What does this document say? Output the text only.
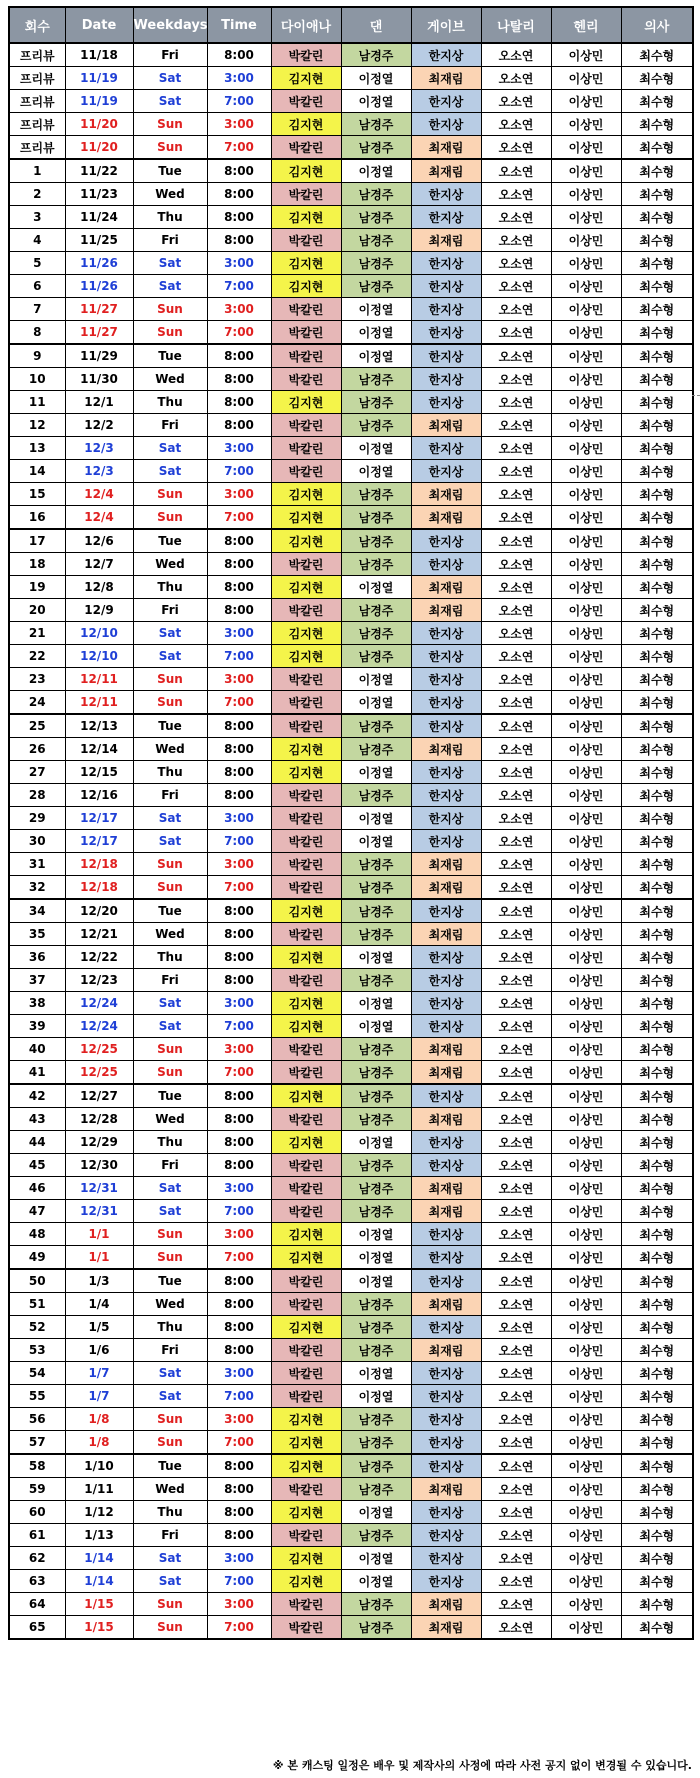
회수	Date	Weekdays	Time	다이애나	댄	게이브	나탈리	헨리	의사
프리뷰	11/18	Fri	8:00	박칼린	남경주	한지상	오소연	이상민	최수형
프리뷰	11/19	Sat	3:00	김지현	이정열	최재림	오소연	이상민	최수형
프리뷰	11/19	Sat	7:00	박칼린	이정열	한지상	오소연	이상민	최수형
프리뷰	11/20	Sun	3:00	김지현	남경주	한지상	오소연	이상민	최수형
프리뷰	11/20	Sun	7:00	박칼린	남경주	최재림	오소연	이상민	최수형
1	11/22	Tue	8:00	김지현	이정열	최재림	오소연	이상민	최수형
2	11/23	Wed	8:00	박칼린	남경주	한지상	오소연	이상민	최수형
3	11/24	Thu	8:00	김지현	남경주	한지상	오소연	이상민	최수형
4	11/25	Fri	8:00	박칼린	남경주	최재림	오소연	이상민	최수형
5	11/26	Sat	3:00	김지현	남경주	한지상	오소연	이상민	최수형
6	11/26	Sat	7:00	김지현	남경주	한지상	오소연	이상민	최수형
7	11/27	Sun	3:00	박칼린	이정열	한지상	오소연	이상민	최수형
8	11/27	Sun	7:00	박칼린	이정열	한지상	오소연	이상민	최수형
9	11/29	Tue	8:00	박칼린	이정열	한지상	오소연	이상민	최수형
10	11/30	Wed	8:00	박칼린	남경주	한지상	오소연	이상민	최수형
11	12/1	Thu	8:00	김지현	남경주	한지상	오소연	이상민	최수형
12	12/2	Fri	8:00	박칼린	남경주	최재림	오소연	이상민	최수형
13	12/3	Sat	3:00	박칼린	이정열	한지상	오소연	이상민	최수형
14	12/3	Sat	7:00	박칼린	이정열	한지상	오소연	이상민	최수형
15	12/4	Sun	3:00	김지현	남경주	최재림	오소연	이상민	최수형
16	12/4	Sun	7:00	김지현	남경주	최재림	오소연	이상민	최수형
17	12/6	Tue	8:00	김지현	남경주	한지상	오소연	이상민	최수형
18	12/7	Wed	8:00	박칼린	남경주	한지상	오소연	이상민	최수형
19	12/8	Thu	8:00	김지현	이정열	최재림	오소연	이상민	최수형
20	12/9	Fri	8:00	박칼린	남경주	최재림	오소연	이상민	최수형
21	12/10	Sat	3:00	김지현	남경주	한지상	오소연	이상민	최수형
22	12/10	Sat	7:00	김지현	남경주	한지상	오소연	이상민	최수형
23	12/11	Sun	3:00	박칼린	이정열	한지상	오소연	이상민	최수형
24	12/11	Sun	7:00	박칼린	이정열	한지상	오소연	이상민	최수형
25	12/13	Tue	8:00	박칼린	남경주	한지상	오소연	이상민	최수형
26	12/14	Wed	8:00	김지현	남경주	최재림	오소연	이상민	최수형
27	12/15	Thu	8:00	김지현	이정열	한지상	오소연	이상민	최수형
28	12/16	Fri	8:00	박칼린	남경주	한지상	오소연	이상민	최수형
29	12/17	Sat	3:00	박칼린	이정열	한지상	오소연	이상민	최수형
30	12/17	Sat	7:00	박칼린	이정열	한지상	오소연	이상민	최수형
31	12/18	Sun	3:00	박칼린	남경주	최재림	오소연	이상민	최수형
32	12/18	Sun	7:00	박칼린	남경주	최재림	오소연	이상민	최수형
34	12/20	Tue	8:00	김지현	남경주	한지상	오소연	이상민	최수형
35	12/21	Wed	8:00	박칼린	남경주	최재림	오소연	이상민	최수형
36	12/22	Thu	8:00	김지현	이정열	한지상	오소연	이상민	최수형
37	12/23	Fri	8:00	박칼린	남경주	한지상	오소연	이상민	최수형
38	12/24	Sat	3:00	김지현	이정열	한지상	오소연	이상민	최수형
39	12/24	Sat	7:00	김지현	이정열	한지상	오소연	이상민	최수형
40	12/25	Sun	3:00	박칼린	남경주	최재림	오소연	이상민	최수형
41	12/25	Sun	7:00	박칼린	남경주	최재림	오소연	이상민	최수형
42	12/27	Tue	8:00	김지현	남경주	한지상	오소연	이상민	최수형
43	12/28	Wed	8:00	박칼린	남경주	최재림	오소연	이상민	최수형
44	12/29	Thu	8:00	김지현	이정열	한지상	오소연	이상민	최수형
45	12/30	Fri	8:00	박칼린	남경주	한지상	오소연	이상민	최수형
46	12/31	Sat	3:00	박칼린	남경주	최재림	오소연	이상민	최수형
47	12/31	Sat	7:00	박칼린	남경주	최재림	오소연	이상민	최수형
48	1/1	Sun	3:00	김지현	이정열	한지상	오소연	이상민	최수형
49	1/1	Sun	7:00	김지현	이정열	한지상	오소연	이상민	최수형
50	1/3	Tue	8:00	박칼린	이정열	한지상	오소연	이상민	최수형
51	1/4	Wed	8:00	박칼린	남경주	최재림	오소연	이상민	최수형
52	1/5	Thu	8:00	김지현	남경주	한지상	오소연	이상민	최수형
53	1/6	Fri	8:00	박칼린	남경주	최재림	오소연	이상민	최수형
54	1/7	Sat	3:00	박칼린	이정열	한지상	오소연	이상민	최수형
55	1/7	Sat	7:00	박칼린	이정열	한지상	오소연	이상민	최수형
56	1/8	Sun	3:00	김지현	남경주	한지상	오소연	이상민	최수형
57	1/8	Sun	7:00	김지현	남경주	한지상	오소연	이상민	최수형
58	1/10	Tue	8:00	김지현	남경주	한지상	오소연	이상민	최수형
59	1/11	Wed	8:00	박칼린	남경주	최재림	오소연	이상민	최수형
60	1/12	Thu	8:00	김지현	이정열	한지상	오소연	이상민	최수형
61	1/13	Fri	8:00	박칼린	남경주	한지상	오소연	이상민	최수형
62	1/14	Sat	3:00	김지현	이정열	한지상	오소연	이상민	최수형
63	1/14	Sat	7:00	김지현	이정열	한지상	오소연	이상민	최수형
64	1/15	Sun	3:00	박칼린	남경주	최재림	오소연	이상민	최수형
65	1/15	Sun	7:00	박칼린	남경주	최재림	오소연	이상민	최수형
※ 본 캐스팅 일정은 배우 및 제작사의 사정에 따라 사전 공지 없이 변경될 수 있습니다.
